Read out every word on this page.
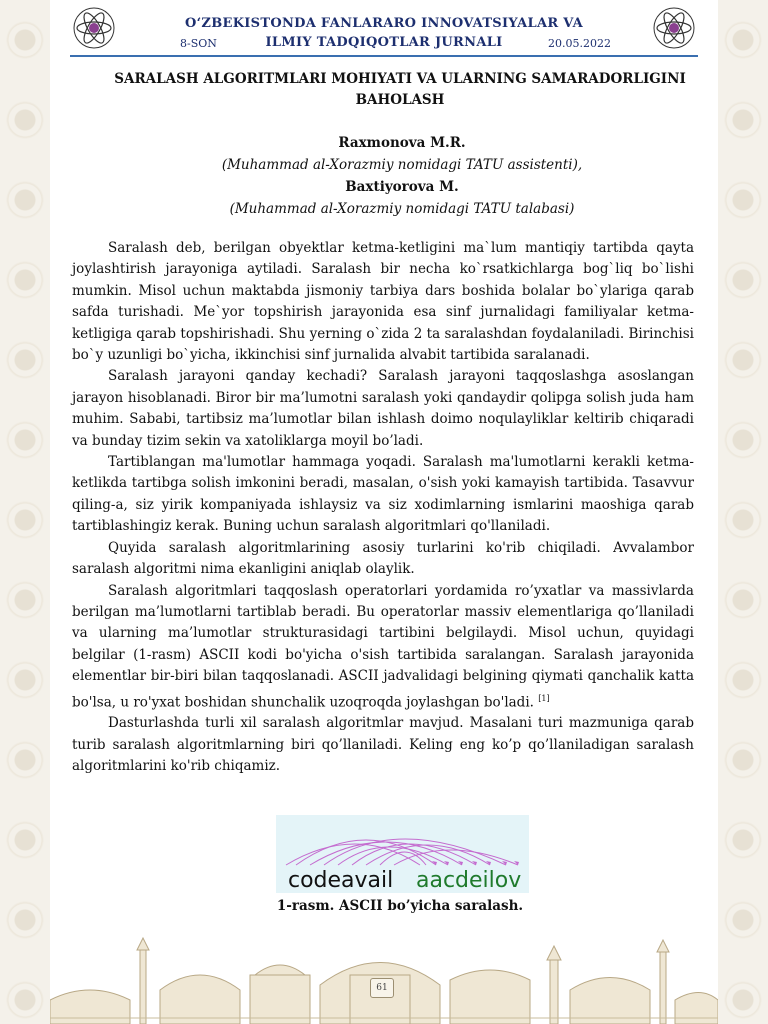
O‘ZBEKISTONDA FANLARARO INNOVATSIYALAR VA
ILMIY TADQIQOTLAR JURNALI
8-SON	20.05.2022
SARALASH ALGORITMLARI MOHIYATI VA ULARNING SAMARADORLIGINI BAHOLASH
Raxmonova M.R.
(Muhammad al-Xorazmiy nomidagi TATU assistenti),
Baxtiyorova M.
(Muhammad al-Xorazmiy nomidagi TATU talabasi)

Saralash deb, berilgan obyektlar ketma-ketligini ma`lum mantiqiy tartibda qayta joylashtirish jarayoniga aytiladi. Saralash bir necha ko`rsatkichlarga bog`liq bo`lishi mumkin. Misol uchun maktabda jismoniy tarbiya dars boshida bolalar bo`ylariga qarab safda turishadi. Me`yor topshirish jarayonida esa sinf jurnalidagi familiyalar ketma-ketligiga qarab topshirishadi. Shu yerning o`zida 2 ta saralashdan foydalaniladi. Birinchisi bo`y uzunligi bo`yicha, ikkinchisi sinf jurnalida alvabit tartibida saralanadi.

Saralash jarayoni qanday kechadi? Saralash jarayoni taqqoslashga asoslangan jarayon hisoblanadi. Biror bir ma’lumotni saralash yoki qandaydir qolipga solish juda ham muhim. Sababi, tartibsiz ma’lumotlar bilan ishlash doimo noqulayliklar keltirib chiqaradi va bunday tizim sekin va xatoliklarga moyil bo’ladi.

Tartiblangan ma'lumotlar hammaga yoqadi. Saralash ma'lumotlarni kerakli ketma-ketlikda tartibga solish imkonini beradi, masalan, o'sish yoki kamayish tartibida. Tasavvur qiling-a, siz yirik kompaniyada ishlaysiz va siz xodimlarning ismlarini maoshiga qarab tartiblashingiz kerak. Buning uchun saralash algoritmlari qo'llaniladi.

Quyida saralash algoritmlarining asosiy turlarini ko'rib chiqiladi. Avvalambor saralash algoritmi nima ekanligini aniqlab olaylik.

Saralash algoritmlari taqqoslash operatorlari yordamida ro’yxatlar va massivlarda berilgan ma’lumotlarni tartiblab beradi. Bu operatorlar massiv elementlariga qo’llaniladi va ularning ma’lumotlar strukturasidagi tartibini belgilaydi. Misol uchun, quyidagi belgilar (1-rasm) ASCII kodi bo'yicha o'sish tartibida saralangan. Saralash jarayonida elementlar bir-biri bilan taqqoslanadi. ASCII jadvalidagi belgining qiymati qanchalik katta bo'lsa, u ro'yxat boshidan shunchalik uzoqroqda joylashgan bo'ladi. [1]

Dasturlashda turli xil saralash algoritmlar mavjud. Masalani turi mazmuniga qarab turib saralash algoritmlarning biri qo’llaniladi. Keling eng ko’p qo’llaniladigan saralash algoritmlarini ko'rib chiqamiz.

codeavail aacdeilov
1-rasm. ASCII bo’yicha saralash.
61
